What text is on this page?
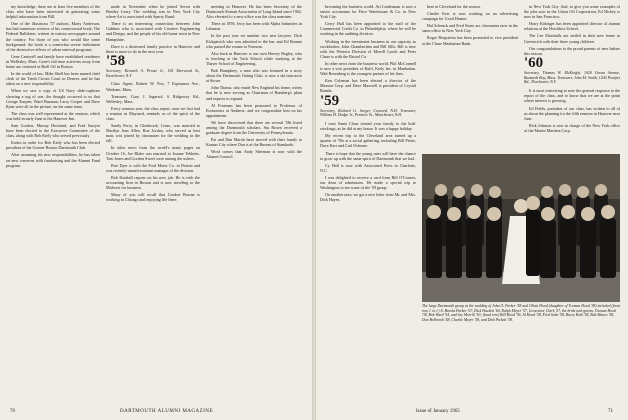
my knowledge, there are at least five members of the class who have been interested in generating some helpful information from Bill.

One of the illustrious '57 authors, Marty Anderson, has had numerous reviews of his controversial book, The Federal Bulldozer, written in various newspapers around the country. For those of you who would like some background: the book is a somewhat severe indictment of the destructive effects of urban renewal programs.

Gene Cantwell and family have established residence in Wellesley, Mass. Gene's full time activities away from home are centered at Shell Oil in Boston.

In the world of law, Mike Shell has been named chief clerk of the Tenth Circuit Court in Denver, and he has taken on a new responsibility.

When we saw a copy of US Navy slide-captions showing a tug of war, the thought occurred to us that George Karpen, Ward Bauman, Larry Cooper and Dave Ryan were all in the picture, on the same team.

The class was well represented at the reunion, which was held in early June at the Hanover Inn.

Sam Gordon, Murray Howland, and Fred Sawyer have been elected to the Executive Committee of the class, along with Bob Kiely who served previously.

Kudos in order for Bob Kiely who has been elected president of the Greater Boston Dartmouth Club.

After assuming his new responsibilities, he has taken on new concerns with fundraising and the Alumni Fund program.

made in November when he joined Seven with Bentley Leary. The wedding was in New York City where Art is associated with Sperry Rand.

There is an interesting connection between John Gubbins who is associated with Creative Engineering and Design, and the people of his old home town in New Hampshire.

Dave is a distressed family practice in Hanover and there is more to do in the next year.

'58
Secretary, Kenneth A. Proutt Jr., 165 Sherwood St., Eastchester, N.Y.

Class Agent, Robert W. Fox, 7 Esperanza Ave., Wenham, Mass.

Treasurer, Gary J. Ingersol, 6 Ridgeway Rd., Wellesley, Mass.

Every reunion year, the class report, once we first had a reunion in Maynard, reminds us of the spirit of the class.

Sandy Ferry, in Glenbrook, Conn., was married to Marilyn Jean Allen. Ron Jordan, who served as best man, was joined by classmates for the wedding in the fall.

In other news from the world's many pages on October 16, Joe Blake was married to Joanne Tebbetts. Tom Jones and Gordon Sweet were among the ushers.

Pete Dyer is with the Ford Motor Co. in Detroit and was recently named assistant manager of the division.

Bob Kimball reports on his new job. He is with the accounting firm in Boston and is now traveling to the Midwest for business.

Many of you will recall that Gordon Bowne is working in Chicago and enjoying life there.

meeting in Hanover. He has been Secretary of the Dartmouth Alumni Association of Long Island since 1962. Also elevated to a new office was the class nominee.

There in 1959, Jerry has been with Alpha Industries in Lebanon.

In the past year we number two new lawyers: Dick Kirkpatrick who was admitted to the bar, and Ed Bonner who passed the exams in Vermont.

Also back in Hanover is our own Harvey Bagley, who is teaching at the Tuck School while studying at the Thayer School of Engineering.

Bob Humphrey, a man who was featured in a story about the Dartmouth Outing Club, is now a ski instructor at Stowe.

John Thoma, who made New England his home, writes that he is now serving as Chairman of Rumberg's plant and expects to expand.

Al Freeman has been promoted to Professor of Economics at Amherst, and we congratulate him on his appointment.

We have discovered that there are several '58s listed among the Dartmouth scholars. Stu Rosen received a graduate degree from the University of Pennsylvania.

Pat and Dan Martin have moved with their family to Kansas City where Dan is at the Bureau of Standards.

Word comes that Andy Sherman is now with the Alumni Council.

70	DARTMOUTH ALUMNI MAGAZINE

becoming the business world. Art Lindenauer is now a senior accountant for Price Waterhouse & Co. in New York City.

Gerry Hall has been appointed to the staff of the Commercial Credit Co. in Philadelphia, where he will be working in the auditing division.

Working in the investment business in our capacity as stockbroker, John Chamberlain and Bill Sills. Bill is now with the Western Division of Merrill Lynch and Peter Chase is with the Bristol Co.

In other news from the business world, Phil McConnell is now a vice president of Raiff, Kiely Inc. in Manhattan. Walt Rosenberg is the youngest partner of his firm.

Ken Coleman has been elected a director of the Maxson Corp. and Dave Maxwell is president of Crystal Brands.

'59
Secretary, Richard G. Jaeger, Concord, N.H. Treasurer, William H. Dodge Jr., Prentice St., Manchester, N.H.

I trust Santa Claus treated your family to the kids' stockings, as he did at my house. It was a happy holiday.

My recent trip to the Cleveland area turned up a quarter of '59s at a social gathering, including Bill Petrie, Dave Kerr and Carl Osborne.

There is hope that the young ones will have the chance to grow up with the same spirit of Dartmouth that we had.

Cy Hall is now with Associated Press in Charlotte, N.C.

I was delighted to receive a card from Bill O'Connor, our dean of admissions. He made a special trip to Washington to see some of the '59 group.

On another note, we got a nice letter from Mr. and Mrs. Dick Hayes.

here in Cleveland for the season.

Charlie Kerr is now working on an advertising campaign for Good Humor.

Hal Schenck and Fred Stone are classmates now in the same office in New York City.

Roger Bergström has been promoted to vice president at the Chase Manhattan Bank.

in New York City. And, to give you some examples of the jobs now in the Union Oil Corporation, Ed Hickey is now in San Francisco.

Harry Kittinger has been appointed director of alumni relations at the Hotchkiss School.

The Lee Marshalls are settled in their new home in Greenwich with their three young children.

Our congratulations to the proud parents of new babies this season.

'60
Secretary, Thomas W. McKnight, 1020 Ocean Avenue, Buzzards Bay, Mass. Treasurer, John M. Smith, 1200 Pomfret Rd., Dorchester, N.Y.

It is most interesting to note the general response to the report of the class, and to know that we are at the point where interest is growing.

Ed Fields, president of our class, has written to all of us about the planning for the fifth reunion in Hanover next June.

Rick Johnson is now in charge of the New York office of the Martin Marietta Corp.

The large Dartmouth group at the wedding of John O. Parker '58 and Olivia Hood (daughter of Truman Hood '38) included (front row, l. to r.) A. Brooks Parker '67, Dick Hackett '60, Ralph Meyer '57, Grosvenor Clark '57, the bride and groom, Truman Hood '38, Bob Ward '54, and Jay Morrill '63; (back row) Bill Hood '56, Al Hood '58, Fred Sohn '58, Barry Roth '58, Bob Mauro '58, Don Holbrook '58, Charlie Meyer '58, and Dick Pickett '58.
Issue of January 1965	71
